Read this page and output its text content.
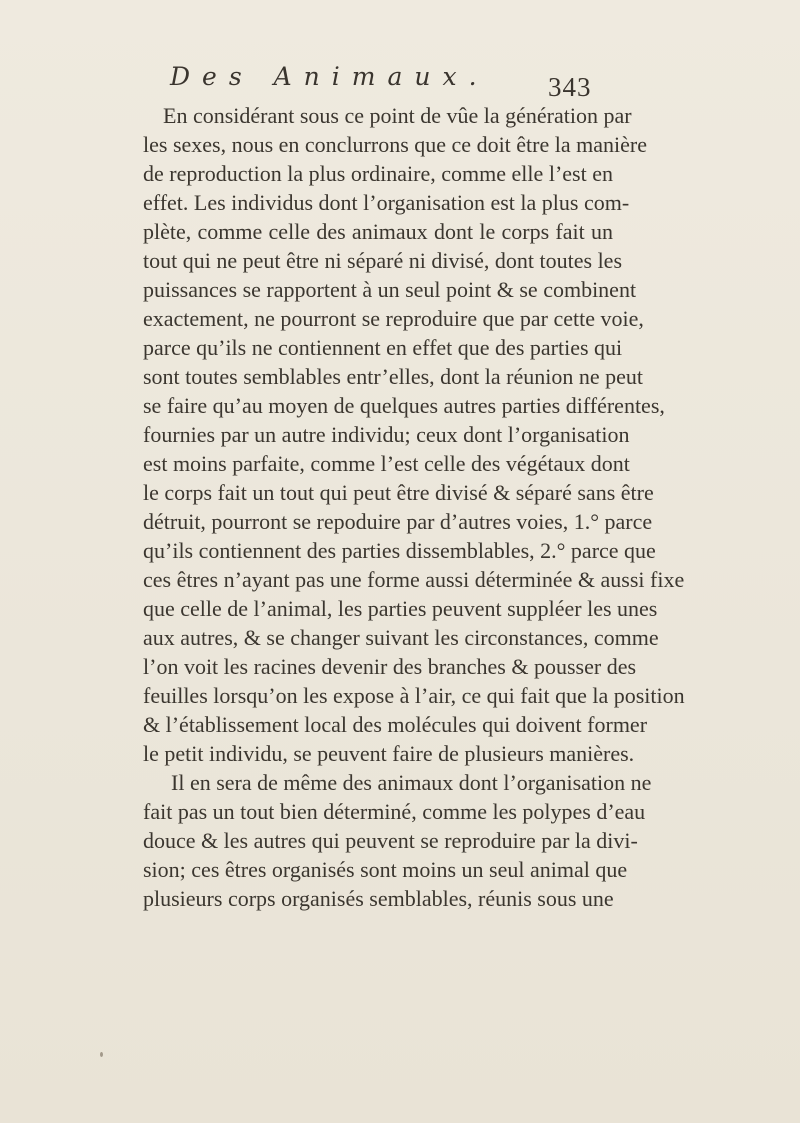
Des Animaux.	343
En considérant sous ce point de vûe la génération par
les sexes, nous en conclurrons que ce doit être la manière
de reproduction la plus ordinaire, comme elle l’est en
effet. Les individus dont l’organisation est la plus com-
plète, comme celle des animaux dont le corps fait un
tout qui ne peut être ni séparé ni divisé, dont toutes les
puissances se rapportent à un seul point & se combinent
exactement, ne pourront se reproduire que par cette voie,
parce qu’ils ne contiennent en effet que des parties qui
sont toutes semblables entr’elles, dont la réunion ne peut
se faire qu’au moyen de quelques autres parties différentes,
fournies par un autre individu; ceux dont l’organisation
est moins parfaite, comme l’est celle des végétaux dont
le corps fait un tout qui peut être divisé & séparé sans être
détruit, pourront se repoduire par d’autres voies, 1.° parce
qu’ils contiennent des parties dissemblables, 2.° parce que
ces êtres n’ayant pas une forme aussi déterminée & aussi fixe
que celle de l’animal, les parties peuvent suppléer les unes
aux autres, & se changer suivant les circonstances, comme
l’on voit les racines devenir des branches & pousser des
feuilles lorsqu’on les expose à l’air, ce qui fait que la position
& l’établissement local des molécules qui doivent former
le petit individu, se peuvent faire de plusieurs manières.
Il en sera de même des animaux dont l’organisation ne
fait pas un tout bien déterminé, comme les polypes d’eau
douce & les autres qui peuvent se reproduire par la divi-
sion; ces êtres organisés sont moins un seul animal que
plusieurs corps organisés semblables, réunis sous une
